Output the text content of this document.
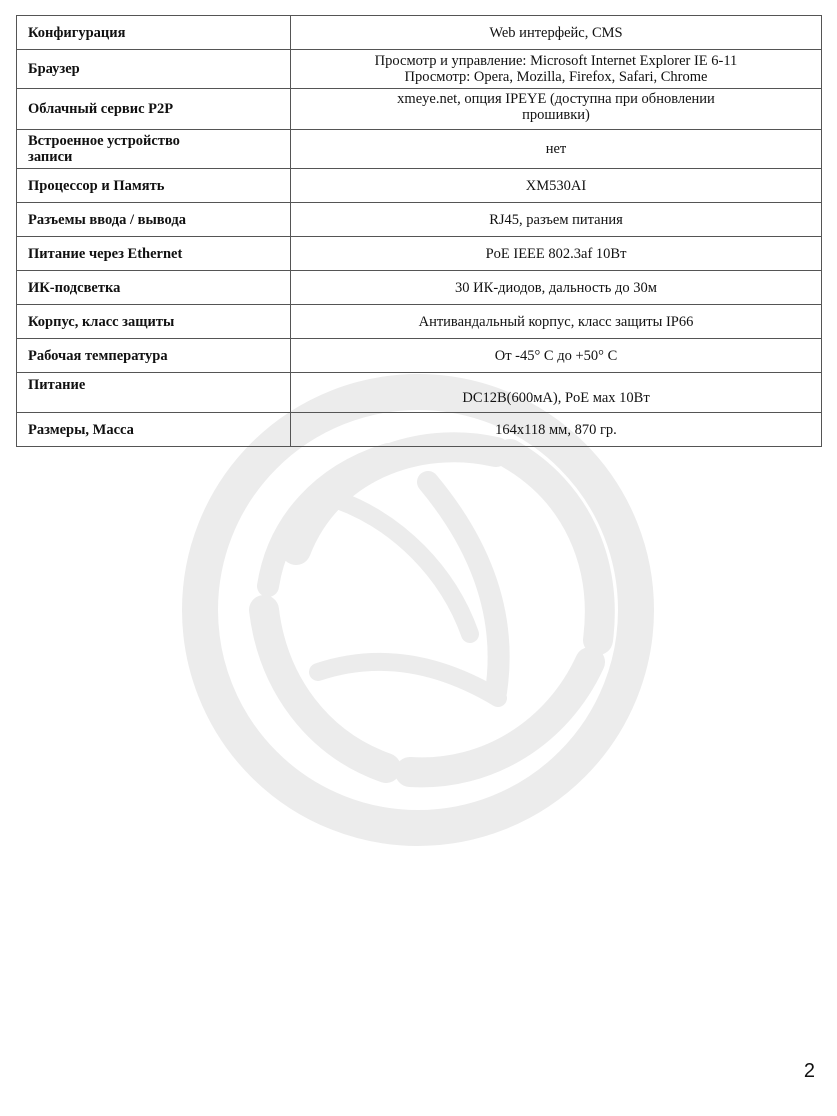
Конфигурация	Web интерфейс, CMS

Браузер	Просмотр и управление: Microsoft Internet Explorer IE 6-11
Просмотр: Opera, Mozilla, Firefox, Safari, Chrome

Облачный сервис P2P	xmeye.net, опция IPEYE (доступна при обновлении
прошивки)

Встроенное устройство
записи	нет

Процессор и Память	XM530AI

Разъемы ввода / вывода	RJ45, разъем питания

Питание через Ethernet	PoE IEEE 802.3af 10Вт

ИК-подсветка	30 ИК-диодов, дальность до 30м

Корпус, класс защиты	Антивандальный корпус, класс защиты IP66

Рабочая температура	От -45° С до +50° С

Питание	DC12В(600мА), PoE мах 10Вт

Размеры, Масса	164x118 мм, 870 гр.
2
